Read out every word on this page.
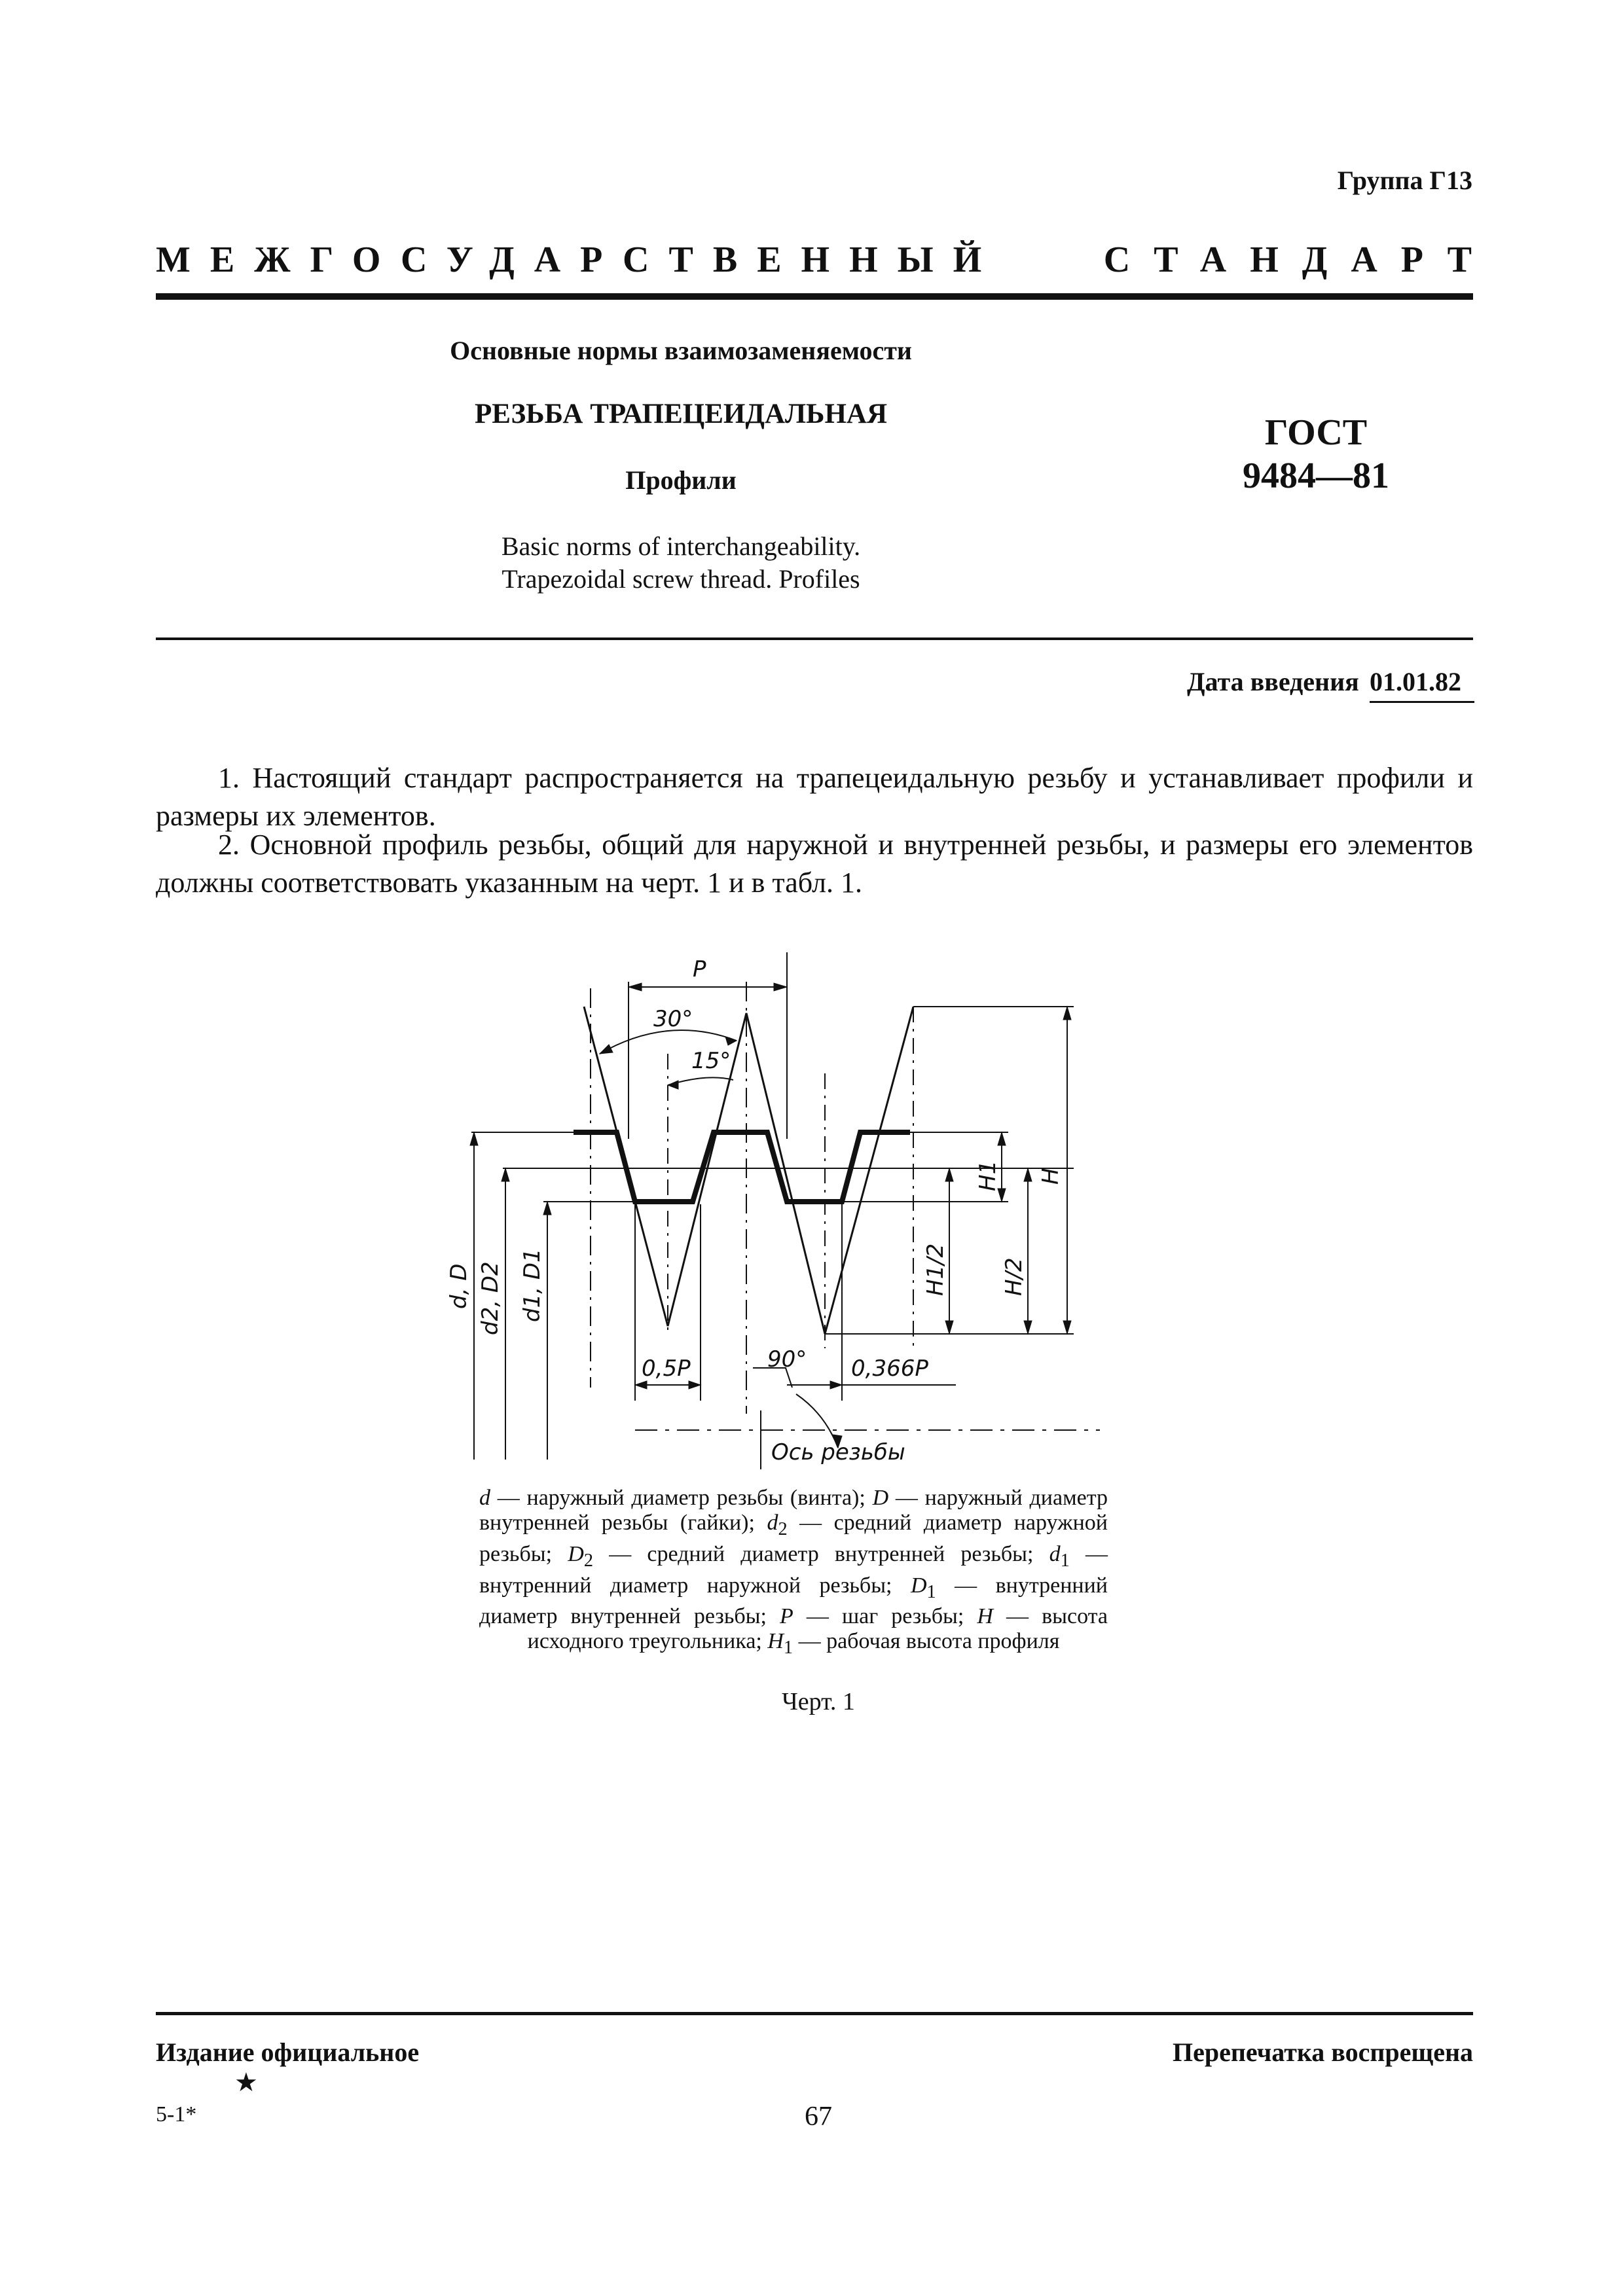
Группа Г13
МЕЖГОСУДАРСТВЕННЫЙ	СТАНДАРТ
Основные нормы взаимозаменяемости
РЕЗЬБА ТРАПЕЦЕИДАЛЬНАЯ
Профили
Basic norms of interchangeability.
Trapezoidal screw thread. Profiles
ГОСТ
9484—81
Дата введения 01.01.82
1. Настоящий стандарт распространяется на трапецеидальную резьбу и устанавливает профили и размеры их элементов.
2. Основной профиль резьбы, общий для наружной и внутренней резьбы, и размеры его элементов должны соответствовать указанным на черт. 1 и в табл. 1.
P
30°
15°
90°
0,5P	0,366P
Ось резьбы
H
H1
H1/2 H/2
d, D d2, D2 d1, D1
d — наружный диаметр резьбы (винта); D — наружный диаметр внутренней резьбы (гайки); $d_2$ — средний диаметр наружной резьбы; $D_2$ — средний диаметр внутренней резьбы; $d_1$ — внутренний диаметр наружной резьбы; $D_1$ — внутренний диаметр внутренней резьбы; P — шаг резьбы; H — высота исходного треугольника; $H_1$ — рабочая высота профиля
Черт. 1
Издание официальное	Перепечатка воспрещена
★
5-1*	67
